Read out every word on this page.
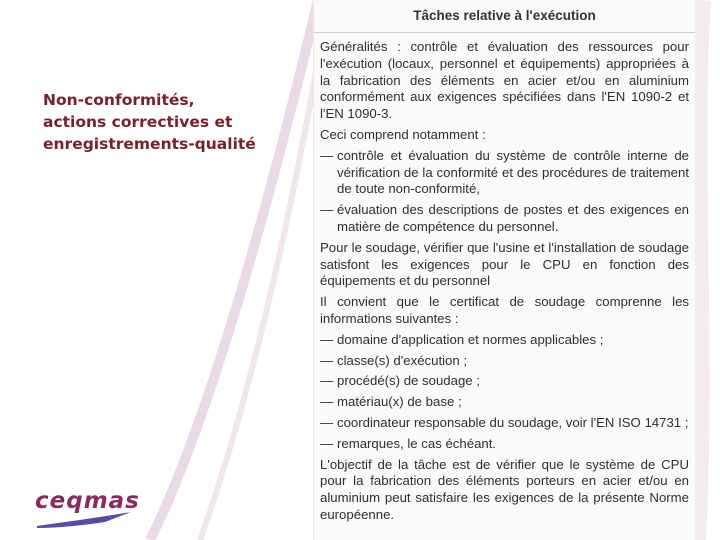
Non-conformités,
actions correctives et
enregistrements-qualité
Tâches relative à l'exécution

Généralités : contrôle et évaluation des ressources pour l'exécution (locaux, personnel et équipements) appropriées à la fabrication des éléments en acier et/ou en aluminium conformément aux exigences spécifiées dans l'EN 1090-2 et l'EN 1090-3.

Ceci comprend notamment :

— contrôle et évaluation du système de contrôle interne de vérification de la conformité et des procédures de traitement de toute non-conformité,
— évaluation des descriptions de postes et des exigences en matière de compétence du personnel.

Pour le soudage, vérifier que l'usine et l'installation de soudage satisfont les exigences pour le CPU en fonction des équipements et du personnel

Il convient que le certificat de soudage comprenne les informations suivantes :

— domaine d'application et normes applicables ;
— classe(s) d'exécution ;
— procédé(s) de soudage ;
— matériau(x) de base ;
— coordinateur responsable du soudage, voir l'EN ISO 14731 ;
— remarques, le cas échéant.

L'objectif de la tâche est de vérifier que le système de CPU pour la fabrication des éléments porteurs en acier et/ou en aluminium peut satisfaire les exigences de la présente Norme européenne.

ceqmas
